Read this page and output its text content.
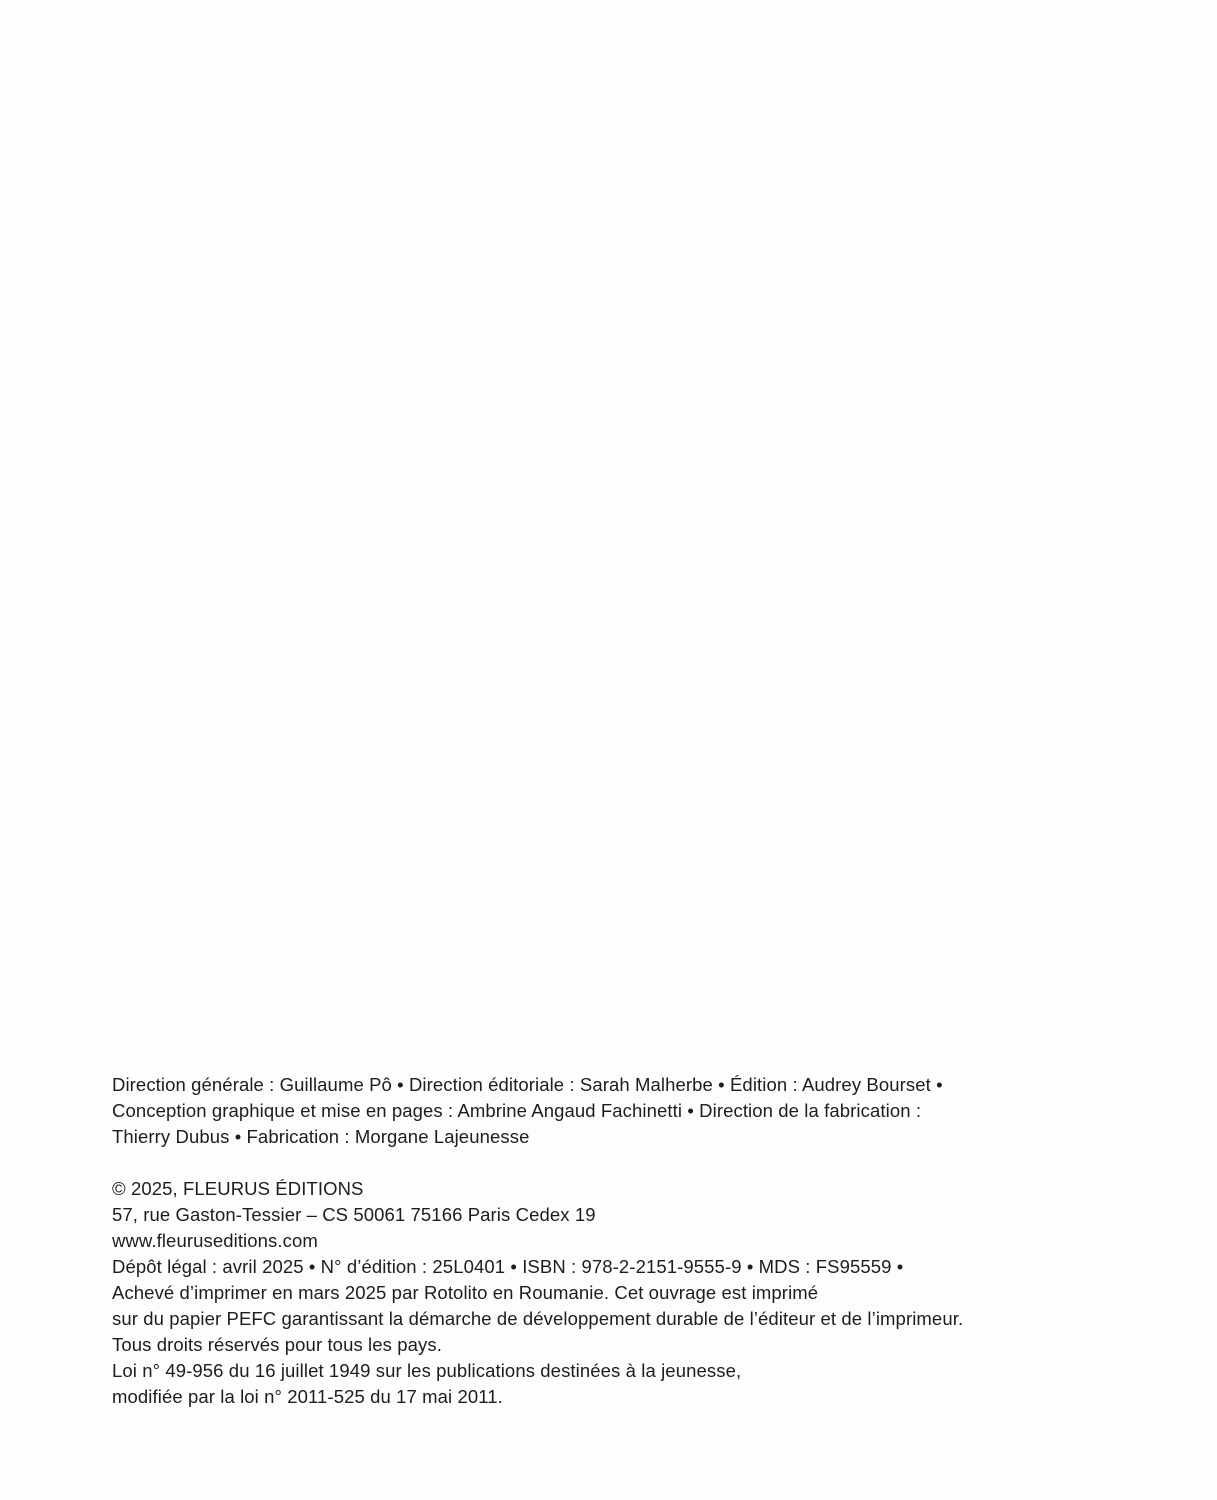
Direction générale : Guillaume Pô • Direction éditoriale : Sarah Malherbe • Édition : Audrey Bourset •

Conception graphique et mise en pages : Ambrine Angaud Fachinetti • Direction de la fabrication :

Thierry Dubus • Fabrication : Morgane Lajeunesse

© 2025, FLEURUS ÉDITIONS

57, rue Gaston-Tessier – CS 50061 75166 Paris Cedex 19

www.fleuruseditions.com

Dépôt légal : avril 2025 • N° d’édition : 25L0401 • ISBN : 978-2-2151-9555-9 • MDS : FS95559 •

Achevé d’imprimer en mars 2025 par Rotolito en Roumanie. Cet ouvrage est imprimé

sur du papier PEFC garantissant la démarche de développement durable de l’éditeur et de l’imprimeur.

Tous droits réservés pour tous les pays.

Loi n° 49-956 du 16 juillet 1949 sur les publications destinées à la jeunesse,

modifiée par la loi n° 2011-525 du 17 mai 2011.
